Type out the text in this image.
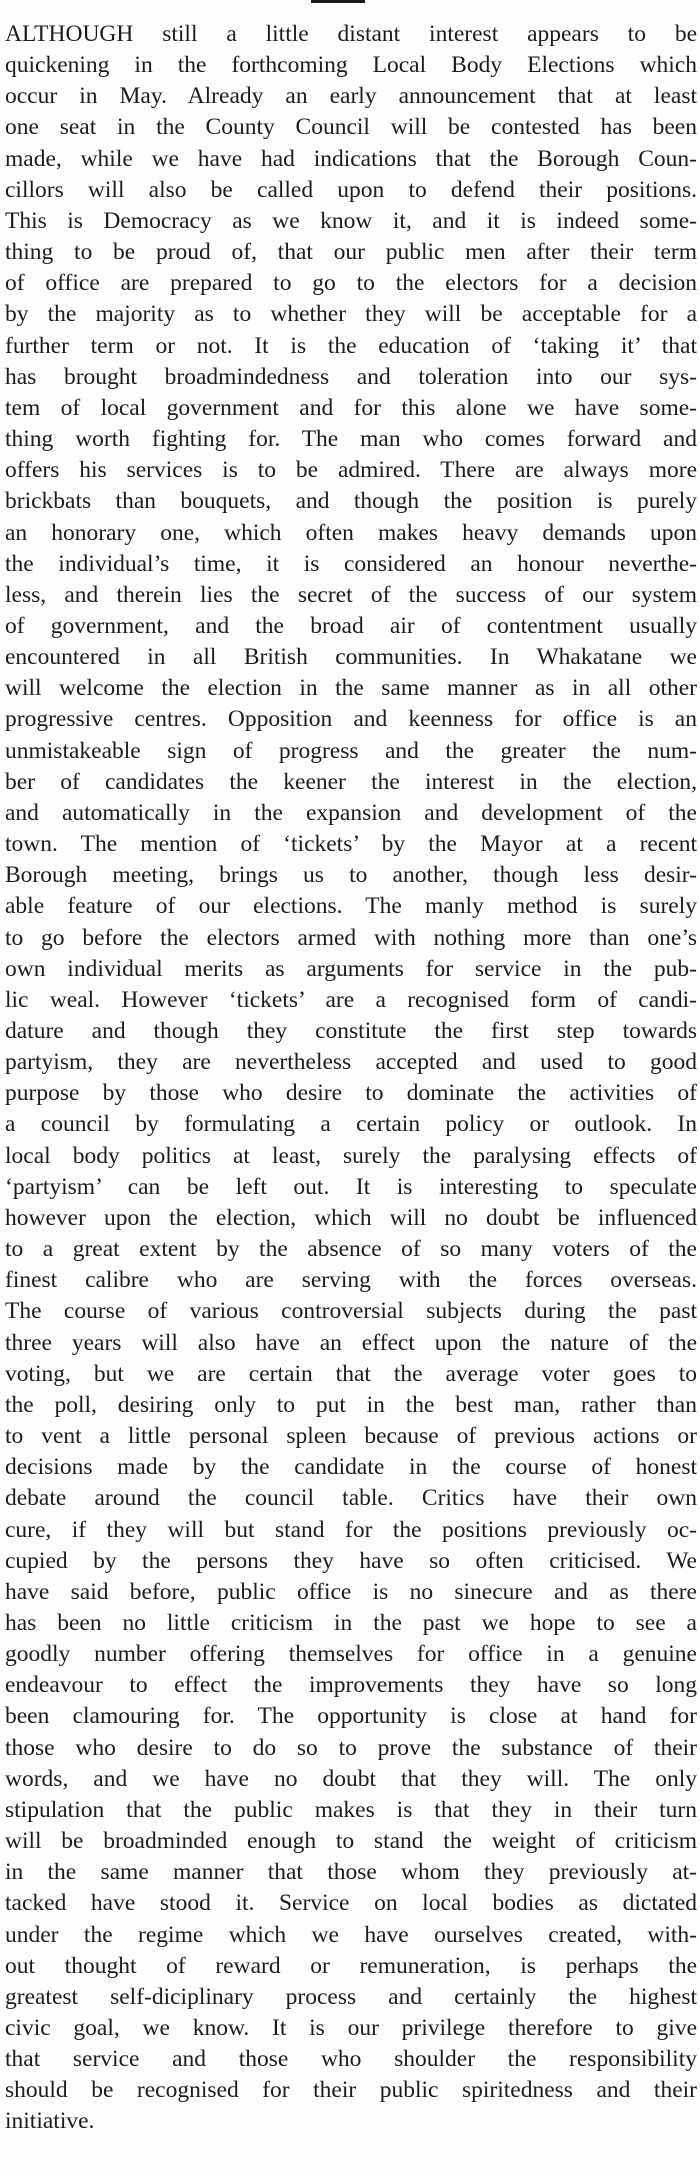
ALTHOUGH still a little distant interest appears to be
quickening in the forthcoming Local Body Elections which
occur in May. Already an early announcement that at least
one seat in the County Council will be contested has been
made, while we have had indications that the Borough Coun-
cillors will also be called upon to defend their positions.
This is Democracy as we know it, and it is indeed some-
thing to be proud of, that our public men after their term
of office are prepared to go to the electors for a decision
by the majority as to whether they will be acceptable for a
further term or not. It is the education of ‘taking it’ that
has brought broadmindedness and toleration into our sys-
tem of local government and for this alone we have some-
thing worth fighting for. The man who comes forward and
offers his services is to be admired. There are always more
brickbats than bouquets, and though the position is purely
an honorary one, which often makes heavy demands upon
the individual’s time, it is considered an honour neverthe-
less, and therein lies the secret of the success of our system
of government, and the broad air of contentment usually
encountered in all British communities. In Whakatane we
will welcome the election in the same manner as in all other
progressive centres. Opposition and keenness for office is an
unmistakeable sign of progress and the greater the num-
ber of candidates the keener the interest in the election,
and automatically in the expansion and development of the
town. The mention of ‘tickets’ by the Mayor at a recent
Borough meeting, brings us to another, though less desir-
able feature of our elections. The manly method is surely
to go before the electors armed with nothing more than one’s
own individual merits as arguments for service in the pub-
lic weal. However ‘tickets’ are a recognised form of candi-
dature and though they constitute the first step towards
partyism, they are nevertheless accepted and used to good
purpose by those who desire to dominate the activities of
a council by formulating a certain policy or outlook. In
local body politics at least, surely the paralysing effects of
‘partyism’ can be left out. It is interesting to speculate
however upon the election, which will no doubt be influenced
to a great extent by the absence of so many voters of the
finest calibre who are serving with the forces overseas.
The course of various controversial subjects during the past
three years will also have an effect upon the nature of the
voting, but we are certain that the average voter goes to
the poll, desiring only to put in the best man, rather than
to vent a little personal spleen because of previous actions or
decisions made by the candidate in the course of honest
debate around the council table. Critics have their own
cure, if they will but stand for the positions previously oc-
cupied by the persons they have so often criticised. We
have said before, public office is no sinecure and as there
has been no little criticism in the past we hope to see a
goodly number offering themselves for office in a genuine
endeavour to effect the improvements they have so long
been clamouring for. The opportunity is close at hand for
those who desire to do so to prove the substance of their
words, and we have no doubt that they will. The only
stipulation that the public makes is that they in their turn
will be broadminded enough to stand the weight of criticism
in the same manner that those whom they previously at-
tacked have stood it. Service on local bodies as dictated
under the regime which we have ourselves created, with-
out thought of reward or remuneration, is perhaps the
greatest self-diciplinary process and certainly the highest
civic goal, we know. It is our privilege therefore to give
that service and those who shoulder the responsibility
should be recognised for their public spiritedness and their
initiative.
